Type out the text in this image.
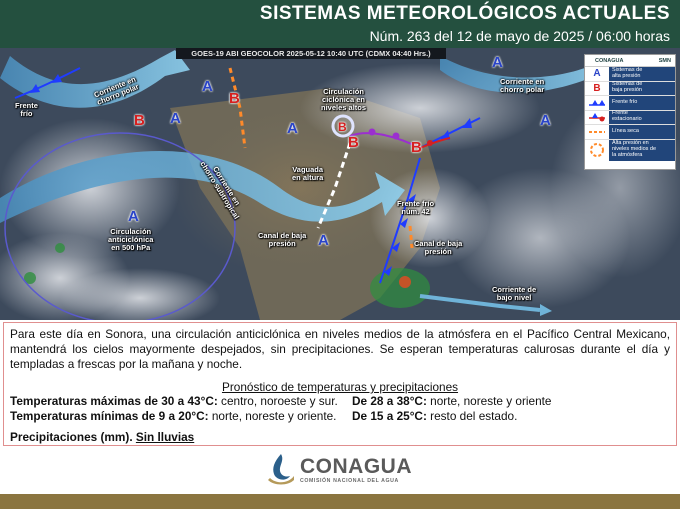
SISTEMAS METEOROLÓGICOS ACTUALES
Núm. 263 del 12 de mayo de 2025 / 06:00 horas
GOES-19 ABI GEOCOLOR 2025-05-12 10:40 UTC (CDMX 04:40 Hrs.)
Corriente en
chorro polar
Frente
frío
Circulación
ciclónica en
niveles altos
Corriente en
chorro polar
Corriente en
chorro subtropical	Vaguada
en altura
Frente frío
núm. 42
Circulación
anticiclónica
en 500 hPa
Canal de baja
presión	Canal de baja
presión
Corriente de
bajo nivel
A
B
A
B	A
A
B
A
B
A
B
A
CONAGUA	SMN
A	Sistemas de
alta presión
B	Sistemas de
baja presión
Frente frío
Frente
estacionario
Línea seca
Alta presión en
niveles medios de
la atmósfera

Para este día en Sonora, una circulación anticiclónica en niveles medios de la atmósfera en el Pacífico Central Mexicano, mantendrá los cielos mayormente despejados, sin precipitaciones. Se esperan temperaturas calurosas durante el día y templadas a frescas por la mañana y noche.

Pronóstico de temperaturas y precipitaciones

Temperaturas máximas de 30 a 43°C: centro, noroeste y sur. De 28 a 38°C: norte, noreste y oriente
Temperaturas mínimas de 9 a 20°C: norte, noreste y oriente. De 15 a 25°C: resto del estado.

Precipitaciones (mm). Sin lluvias

CONAGUA
COMISIÓN NACIONAL DEL AGUA
